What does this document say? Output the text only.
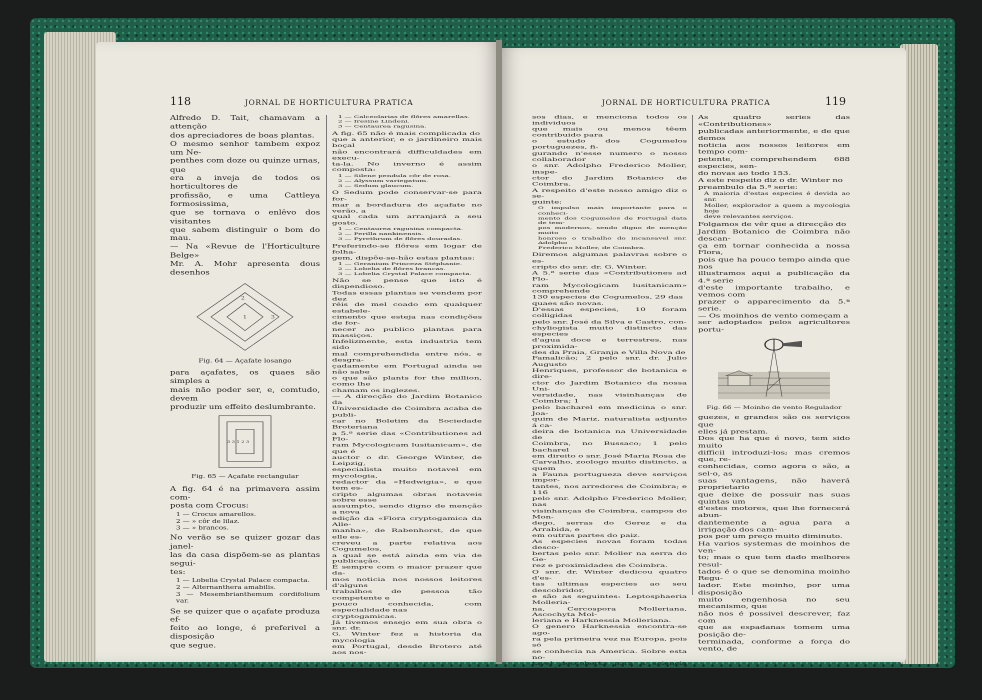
118	JORNAL DE HORTICULTURA PRATICA
Alfredo D. Tait, chamavam a attenção
dos apreciadores de boas plantas.
O mesmo senhor tambem expoz um Ne-
penthes com doze ou quinze urnas, que
era a inveja de todos os horticultores de
profissão, e uma Cattleya formosissima,
que se tornava o enlêvo dos visitantes
que sabem distinguir o bom do mau.
— Na «Revue de l'Horticulture Belge»
Mr. A. Mohr apresenta dous desenhos
2
1	3
Fig. 64 — Açafate losango
para açafates, os quaes são simples a
mais não poder ser, e, comtudo, devem
produzir um effeito deslumbrante.
3 3 1 2 3
Fig. 65 — Açafate rectangular
A fig. 64 é na primavera assim com-
posta com Crocus:
1 — Crocus amarellos.
2 — » côr de lilaz.
3 — » brancos.
No verão se se quizer gozar das janel-
las da casa dispõem-se as plantas segui-
tes:
1 — Lobelia Crystal Palace compacta.
2 — Alternanthera amabilis.
3 — Mesembrianthemum cordifolium var.
Se se quizer que o açafate produza ef-
feito ao longe, é preferivel a disposição
que segue.
1 — Calceolarias de flôres amarellas.
2 — Iresine Lindeni.
3 — Centaurea ragusina.
A fig. 65 não é mais complicada do
que a anterior, e o jardineiro mais boçal
não encontrará difficuldades em execu-
ta-la. No inverno é assim composta:
1 — Silene pendula côr de rosa.
2 — Alyssum variegatum.
3 — Sedum glaucum.
O Sedum pode conservar-se para for-
mar a bordadura do açafate no verão, a
qual cada um arranjará a seu gosto.
1 — Centaurea ragusina compacta.
2 — Perilla nankinensis.
3 — Pyrethrum de flôres douradas.
Preferindo-se flôres em logar de folha-
gem, dispõe-se-hão estas plantas:
1 — Geranium Princeza Stéphanie.
2 — Lobelia de flôres brancas.
3 — Lobelia Crystal Palace compacta.
Não se pense que isto é dispendioso.
Todas essas plantas se vendem por dez
réis de mel coado em qualquer estabele-
cimento que esteja nas condições de for-
necer ao publico plantas para massiços.
Infelizmente, esta industria tem sido
mal comprehendida entre nós, e desgra-
çadamente em Portugal ainda se não sabe
o que são plants for the million, como lhe
chamam os inglezes.
— A direcção do Jardim Botanico da
Universidade de Coimbra acaba de publi-
car no Boletim da Sociedade Broteriana
a 5.ª serie das «Contributiones ad Flo-
ram Mycologicam lusitanicam», de que é
auctor o dr. George Winter, de Leipzig,
especialista muito notavel em mycologia,
redactor da «Hedwigia», e que tem es-
cripto algumas obras notaveis sobre esse
assumpto, sendo digno de menção a nova
edição da «Flora cryptogamica da Alle-
manha», de Rabenhorst, de que elle es-
creveu a parte relativa aos Cogumelos,
a qual se está ainda em via de publicação.
É sempre com o maior prazer que da-
mos noticia nos nossos leitores d'alguns
trabalhos de pessoa tão competente e
pouco conhecida, com especialidade nas
cryptogamicas.
Já tivemos ensejo em sua obra o snr. dr.
G. Winter fez a historia da mycologia
em Portugal, desde Brotero até aos nos-
JORNAL DE HORTICULTURA PRATICA	119
sos dias, e menciona todos os individuos
que mais ou menos têem contribuido para
o estudo dos Cogumelos portuguezes, fi-
gurando n'esse numero o nosso collaborador
o snr. Adolpho Frederico Moller, inspe-
ctor do Jardim Botanico de Coimbra.
A respeito d'este nosso amigo diz o se-
guinte:
O impulso mais importante para o conheci-
mento dos Cogumelos de Portugal data de tem-
pos modernos, sendo digno de menção muito
honroso o trabalho do incansavel snr. Adolpho
Frederico Moller, de Coimbra.
Diremos algumas palavras sobre o es-
cripto do snr. dr. G. Winter.
A 5.ª serie das «Contributiones ad Flo-
ram Mycologicam lusitanicam» comprehende
130 especies de Cogumelos, 29 das
quaes são novas.
D'essas especies, 10 foram colligidas
pelo snr. José da Silva e Castro, con-
chyliogista muito distincto das especies
d'agua doce e terrestres, nas proximida-
des da Praia, Granja e Villa Nova de
Famalicão; 2 pelo snr. dr. Julio Augusto
Henriques, professor de botanica e dire-
ctor do Jardim Botanico da nossa Uni-
versidade, nas visinhanças de Coimbra; 1
pelo bacharel em medicina o snr. Joa-
quim de Mariz, naturalista adjunto á ca-
deira de botanica na Universidade de
Coimbra, no Bussaco; 1 pelo bacharel
em direito o snr. José Maria Rosa de
Carvalho, zoologo muito distincto, a quem
a Fauna portugueza deve serviços impor-
tantes, nos arredores de Coimbra; e 116
pelo snr. Adolpho Frederico Moller, nas
visinhanças de Coimbra, campos do Mon-
dego, serras do Gerez e da Arrabida, e
em outras partes do paiz.
As especies novas foram todas desco-
bertas pelo snr. Moller na serra do Ge-
rez e proximidades de Coimbra.
O snr. dr. Winter dedicou quatro d'es-
tas ultimas especies ao seu descobridor,
e são as seguintes: Leptosphaeria Molleria-
na, Cercospora Molleriana, Ascochyta Mol-
leriana e Harknessia Molleriana.
O genero Harknessia encontra-se ago-
ra pela primeira vez na Europa, pois só
se conhecia na America. Sobre esta no-
tavel descoberta para a sciencia mycolo-
gica escreveu o snr. dr. Winter um ar-
tigo no seu jornal «A Hedwigia».
As quatro series das «Contributiones»
publicadas anteriormente, e de que demos
noticia aos nossos leitores em tempo com-
petente, comprehendem 688 especies, sen-
do novas ao todo 153.
A este respeito diz o dr. Winter no
preambulo da 5.ª serie:
A maioria d'estas especies é devida ao snr.
Moller, explorador a quem a mycologia hoje
deve relevantes serviços.
Folgamos de vêr que a direcção do
Jardim Botanico de Coimbra não descan-
ça em tornar conhecida a nossa Flora,
pois que ha pouco tempo ainda que nos
illustramos aqui a publicação da 4.ª serie
d'este importante trabalho, e vemos com
prazer o apparecimento da 5.ª serie.
— Os moinhos de vento começam a
ser adoptados pelos agricultores portu-
Fig. 66 — Moinho de vento Regulador
guezes, e grandes são os serviços que
elles já prestam.
Dos que ha que é novo, tem sido muito
difficil introduzi-los; mas cremos que, re-
conhecidas, como agora o são, a sel-o, as
suas vantagens, não haverá proprietario
que deixe de possuir nas suas quintas um
d'estes motores, que lhe fornecerá abun-
dantemente a agua para a irrigação dos cam-
pos por um preço muito diminuto.
Ha varios systemas de moinhos de ven-
to; mas o que tem dado melhores resul-
tados é o que se denomina moinho Regu-
lador. Este moinho, por uma disposição
muito engenhosa no seu mecanismo, que
não nos é possivel descrever, faz com
que as espadanas tomem uma posição de-
terminada, conforme a força do vento, de
